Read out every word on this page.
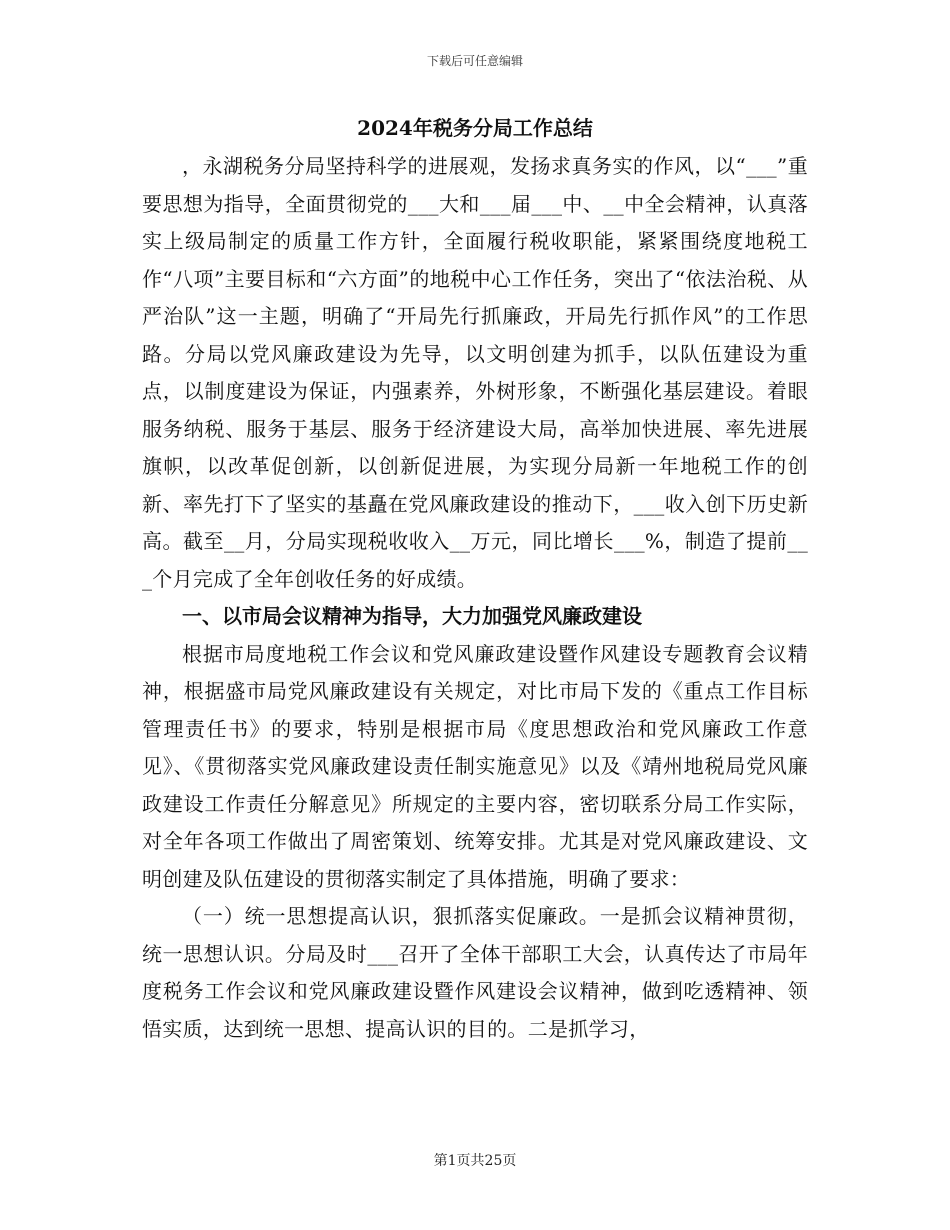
下载后可任意编辑
2024年税务分局工作总结

，永湖税务分局坚持科学的进展观，发扬求真务实的作风，以“___”重要思想为指导，全面贯彻党的___大和___届___中、__中全会精神，认真落实上级局制定的质量工作方针，全面履行税收职能，紧紧围绕度地税工作“八项”主要目标和“六方面”的地税中心工作任务，突出了“依法治税、从严治队”这一主题，明确了“开局先行抓廉政，开局先行抓作风”的工作思路。分局以党风廉政建设为先导，以文明创建为抓手，以队伍建设为重点，以制度建设为保证，内强素养，外树形象，不断强化基层建设。着眼服务纳税、服务于基层、服务于经济建设大局，高举加快进展、率先进展旗帜，以改革促创新，以创新促进展，为实现分局新一年地税工作的创新、率先打下了坚实的基矗在党风廉政建设的推动下，___收入创下历史新高。截至__月，分局实现税收收入__万元，同比增长___%，制造了提前___个月完成了全年创收任务的好成绩。

一、以市局会议精神为指导，大力加强党风廉政建设

根据市局度地税工作会议和党风廉政建设暨作风建设专题教育会议精神，根据盛市局党风廉政建设有关规定，对比市局下发的《重点工作目标管理责任书》的要求，特别是根据市局《度思想政治和党风廉政工作意见》、《贯彻落实党风廉政建设责任制实施意见》以及《靖州地税局党风廉政建设工作责任分解意见》所规定的主要内容，密切联系分局工作实际，对全年各项工作做出了周密策划、统筹安排。尤其是对党风廉政建设、文明创建及队伍建设的贯彻落实制定了具体措施，明确了要求：

（一）统一思想提高认识，狠抓落实促廉政。一是抓会议精神贯彻，统一思想认识。分局及时___召开了全体干部职工大会，认真传达了市局年度税务工作会议和党风廉政建设暨作风建设会议精神，做到吃透精神、领悟实质，达到统一思想、提高认识的目的。二是抓学习，

第1页共25页
